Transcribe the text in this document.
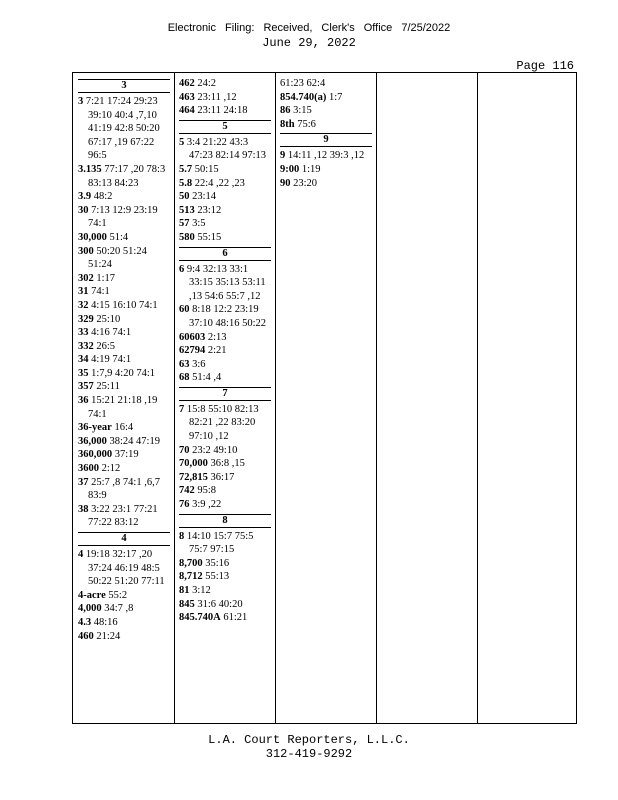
Electronic Filing: Received, Clerk's Office 7/25/2022
June 29, 2022
Page 116
3
3 7:21 17:24 29:23 39:10 40:4 ,7,10 41:19 42:8 50:20 67:17 ,19 67:22 96:5
3.135 77:17 ,20 78:3 83:13 84:23
3.9 48:2
30 7:13 12:9 23:19 74:1
30,000 51:4
300 50:20 51:24 51:24
302 1:17
31 74:1
32 4:15 16:10 74:1
329 25:10
33 4:16 74:1
332 26:5
34 4:19 74:1
35 1:7,9 4:20 74:1
357 25:11
36 15:21 21:18 ,19 74:1
36-year 16:4
36,000 38:24 47:19
360,000 37:19
3600 2:12
37 25:7 ,8 74:1 ,6,7 83:9
38 3:22 23:1 77:21 77:22 83:12
4
4 19:18 32:17 ,20 37:24 46:19 48:5 50:22 51:20 77:11
4-acre 55:2
4,000 34:7 ,8
4.3 48:16
460 21:24
462 24:2
463 23:11 ,12
464 23:11 24:18
5
5 3:4 21:22 43:3 47:23 82:14 97:13
5.7 50:15
5.8 22:4 ,22 ,23
50 23:14
513 23:12
57 3:5
580 55:15
6
6 9:4 32:13 33:1 33:15 35:13 53:11 ,13 54:6 55:7 ,12
60 8:18 12:2 23:19 37:10 48:16 50:22
60603 2:13
62794 2:21
63 3:6
68 51:4 ,4
7
7 15:8 55:10 82:13 82:21 ,22 83:20 97:10 ,12
70 23:2 49:10
70,000 36:8 ,15
72,815 36:17
742 95:8
76 3:9 ,22
8
8 14:10 15:7 75:5 75:7 97:15
8,700 35:16
8,712 55:13
81 3:12
845 31:6 40:20
845.740A 61:21
61:23 62:4
854.740(a) 1:7
86 3:15
8th 75:6
9
9 14:11 ,12 39:3 ,12
9:00 1:19
90 23:20
L.A. Court Reporters, L.L.C.
312-419-9292
